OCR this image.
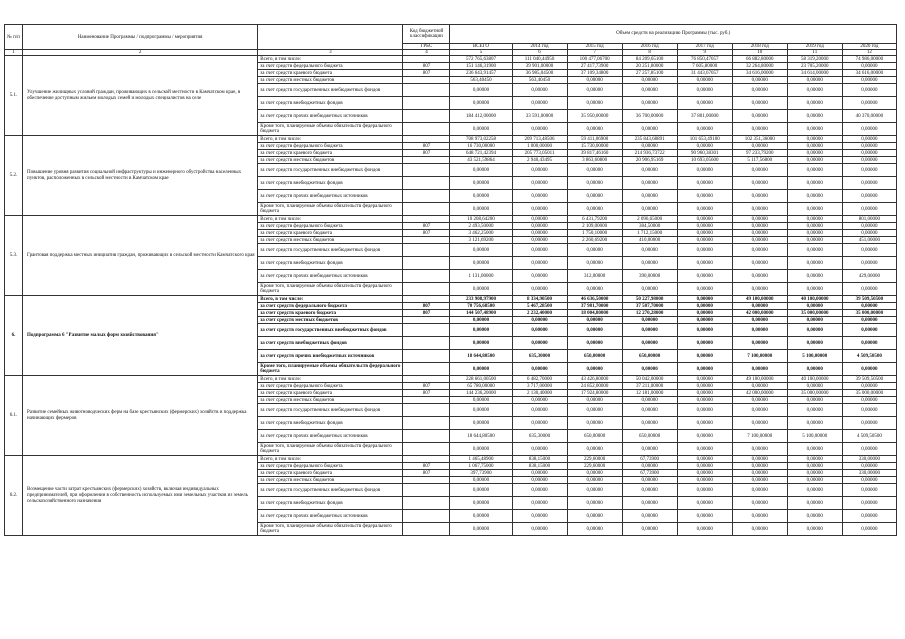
№ п/п	Наименование Программы / подпрограммы / мероприятия		Код бюджетной классификации	Объем средств на реализацию Программы (тыс. руб.)							
			ГРБС	ВСЕГО	2014 год	2015 год	2016 год	2017 год	2018 год	2019 год	2020 год
1	2	3	4	5	6	7	8	9	10	11	12
5.1.	Улучшение жилищных условий граждан, проживающих в сельской местности в Камчатском крае, в обеспечение доступным жильем молодых семей и молодых специалистов на селе	Всего, в том числе:		572 765,63807	111 040,44950	100 477,06700	84 209,65100	76 850,47057	66 882,80000	58 319,20000	74 986,00000
		за счет средств федерального бюджета	807	151 146,31900	39 901,00000	27 417,73900	20 251,80000	7 605,80000	32 264,80000	23 705,20000	0,00000
		за счет средств краевого бюджета	807	236 643,91457	36 985,04500	37 109,34800	27 257,85100	31 443,67057	34 616,00000	34 614,00000	34 616,00000
		за счет средств местных бюджетов		563,40450	563,40450	0,00000	0,00000	0,00000	0,00000	0,00000	0,00000
		за счет средств государственных внебюджетных фондов		0,00000	0,00000	0,00000	0,00000	0,00000	0,00000	0,00000	0,00000
		за счет средств внебюджетных фондов		0,00000	0,00000	0,00000	0,00000	0,00000	0,00000	0,00000	0,00000
		за счет средств прочих внебюджетных источников		184 412,00000	33 591,00000	35 950,00000	36 700,00000	37 801,00000	0,00000	0,00000	40 370,00000
		Кроме того, планируемые объемы обязательств федерального бюджета		0,00000	0,00000	0,00000	0,00000	0,00000	0,00000	0,00000	0,00000
5.2.	Повышение уровня развития социальной инфраструктуры и инженерного обустройства населенных пунктов, расположенных в сельской местности в Камчатском крае	Всего, в том числе:		708 973,02258	209 713,48506	59 411,06900	235 843,68891	101 653,49100	102 351,36000	0,00000	0,00000
		за счет средств федерального бюджета	807	16 730,00000	1 000,00000	15 730,00000	0,00000	0,00000	0,00000	0,00000	0,00000
		за счет средств краевого бюджета	807	648 721,42394	205 773,05011	39 817,46160	214 936,73722	90 960,38301	97 233,79200	0,00000	0,00000
		за счет средств местных бюджетов		43 521,59864	2 940,43495	3 863,60800	20 906,95169	10 693,05600	5 117,56800	0,00000	0,00000
		за счет средств государственных внебюджетных фондов		0,00000	0,00000	0,00000	0,00000	0,00000	0,00000	0,00000	0,00000
		за счет средств внебюджетных фондов		0,00000	0,00000	0,00000	0,00000	0,00000	0,00000	0,00000	0,00000
		за счет средств прочих внебюджетных источников		0,00000	0,00000	0,00000	0,00000	0,00000	0,00000	0,00000	0,00000
		Кроме того, планируемые объемы обязательств федерального бюджета		0,00000	0,00000	0,00000	0,00000	0,00000	0,00000	0,00000	0,00000
5.3.	Грантовая поддержка местных инициатив граждан, проживающих в сельской местности Камчатского края	Всего, в том числе:		10 208,64200	0,00000	6 431,79200	2 096,65000	0,00000	0,00000	0,00000	801,00000
		за счет средств федерального бюджета	807	2 493,50000	0,00000	2 109,00000	384,50000	0,00000	0,00000	0,00000	0,00000
		за счет средств краевого бюджета	807	3 462,25000	0,00000	1 750,10000	1 712,15000	0,00000	0,00000	0,00000	0,00000
		за счет средств местных бюджетов		3 121,69200	0,00000	2 260,69200	410,00000	0,00000	0,00000	0,00000	451,00000
		за счет средств государственных внебюджетных фондов		0,00000	0,00000	0,00000	0,00000	0,00000	0,00000	0,00000	0,00000
		за счет средств внебюджетных фондов		0,00000	0,00000	0,00000	0,00000	0,00000	0,00000	0,00000	0,00000
		за счет средств прочих внебюджетных источников		1 131,00000	0,00000	312,00000	390,00000	0,00000	0,00000	0,00000	429,00000
		Кроме того, планируемые объемы обязательств федерального бюджета		0,00000	0,00000	0,00000	0,00000	0,00000	0,00000	0,00000	0,00000
6.	Подпрограмма 6 "Развитие малых форм хозяйствования"	Всего, в том числе:		233 908,97900	8 334,90500	46 636,50000	50 227,98000	0,00000	49 100,00000	40 100,00000	39 509,50500
		за счет средств федерального бюджета	807	70 756,68500	5 467,28500	37 981,70000	37 507,70000	0,00000	0,00000	0,00000	0,00000
		за счет средств краевого бюджета	807	144 507,48900	2 232,40000	18 004,80000	12 270,28000	0,00000	42 000,00000	35 000,00000	35 000,00000
		за счет средств местных бюджетов		0,00000	0,00000	0,00000	0,00000	0,00000	0,00000	0,00000	0,00000
		за счет средств государственных внебюджетных фондов		0,00000	0,00000	0,00000	0,00000	0,00000	0,00000	0,00000	0,00000
		за счет средств внебюджетных фондов		0,00000	0,00000	0,00000	0,00000	0,00000	0,00000	0,00000	0,00000
		за счет средств прочих внебюджетных источников		18 644,80500	635,30000	650,00000	650,00000	0,00000	7 100,00000	5 100,00000	4 509,50500
		Кроме того, планируемые объемы обязательств федерального бюджета		0,00000	0,00000	0,00000	0,00000	0,00000	0,00000	0,00000	0,00000
6.1.	Развитие семейных животноводческих ферм на базе крестьянских (фермерских) хозяйств и поддержка начинающих фермеров	Всего, в том числе:		228 661,00500	6 482,70000	43 426,80000	50 042,00000	0,00000	49 100,00000	40 100,00000	39 509,50500
		за счет средств федерального бюджета	807	65 780,00000	3 717,00000	24 852,00000	37 211,00000	0,00000	0,00000	0,00000	0,00000
		за счет средств краевого бюджета	807	144 236,20000	2 130,40000	17 924,80000	12 181,00000	0,00000	42 000,00000	35 000,00000	35 000,00000
		за счет средств местных бюджетов		0,00000	0,00000	0,00000	0,00000	0,00000	0,00000	0,00000	0,00000
		за счет средств государственных внебюджетных фондов		0,00000	0,00000	0,00000	0,00000	0,00000	0,00000	0,00000	0,00000
		за счет средств внебюджетных фондов		0,00000	0,00000	0,00000	0,00000	0,00000	0,00000	0,00000	0,00000
		за счет средств прочих внебюджетных источников		18 644,80500	635,30000	650,00000	650,00000	0,00000	7 100,00000	5 100,00000	4 509,50500
		Кроме того, планируемые объемы обязательств федерального бюджета		0,00000	0,00000	0,00000	0,00000	0,00000	0,00000	0,00000	0,00000
6.2.	Возмещение части затрат крестьянских (фермерских) хозяйств, включая индивидуальных предпринимателей, при оформлении в собственность используемых ими земельных участков из земель сельскохозяйственного назначения	Всего, в том числе:		1 465,48900	838,15000	229,60000	67,73900	0,00000	0,00000	0,00000	330,00000
		за счет средств федерального бюджета	807	1 067,75000	838,15000	229,60000	0,00000	0,00000	0,00000	0,00000	0,00000
		за счет средств краевого бюджета	807	397,73900	0,00000	0,00000	67,73900	0,00000	0,00000	0,00000	330,00000
		за счет средств местных бюджетов		0,00000	0,00000	0,00000	0,00000	0,00000	0,00000	0,00000	0,00000
		за счет средств государственных внебюджетных фондов		0,00000	0,00000	0,00000	0,00000	0,00000	0,00000	0,00000	0,00000
		за счет средств внебюджетных фондов		0,00000	0,00000	0,00000	0,00000	0,00000	0,00000	0,00000	0,00000
		за счет средств прочих внебюджетных источников		0,00000	0,00000	0,00000	0,00000	0,00000	0,00000	0,00000	0,00000
		Кроме того, планируемые объемы обязательств федерального бюджета		0,00000	0,00000	0,00000	0,00000	0,00000	0,00000	0,00000	0,00000
